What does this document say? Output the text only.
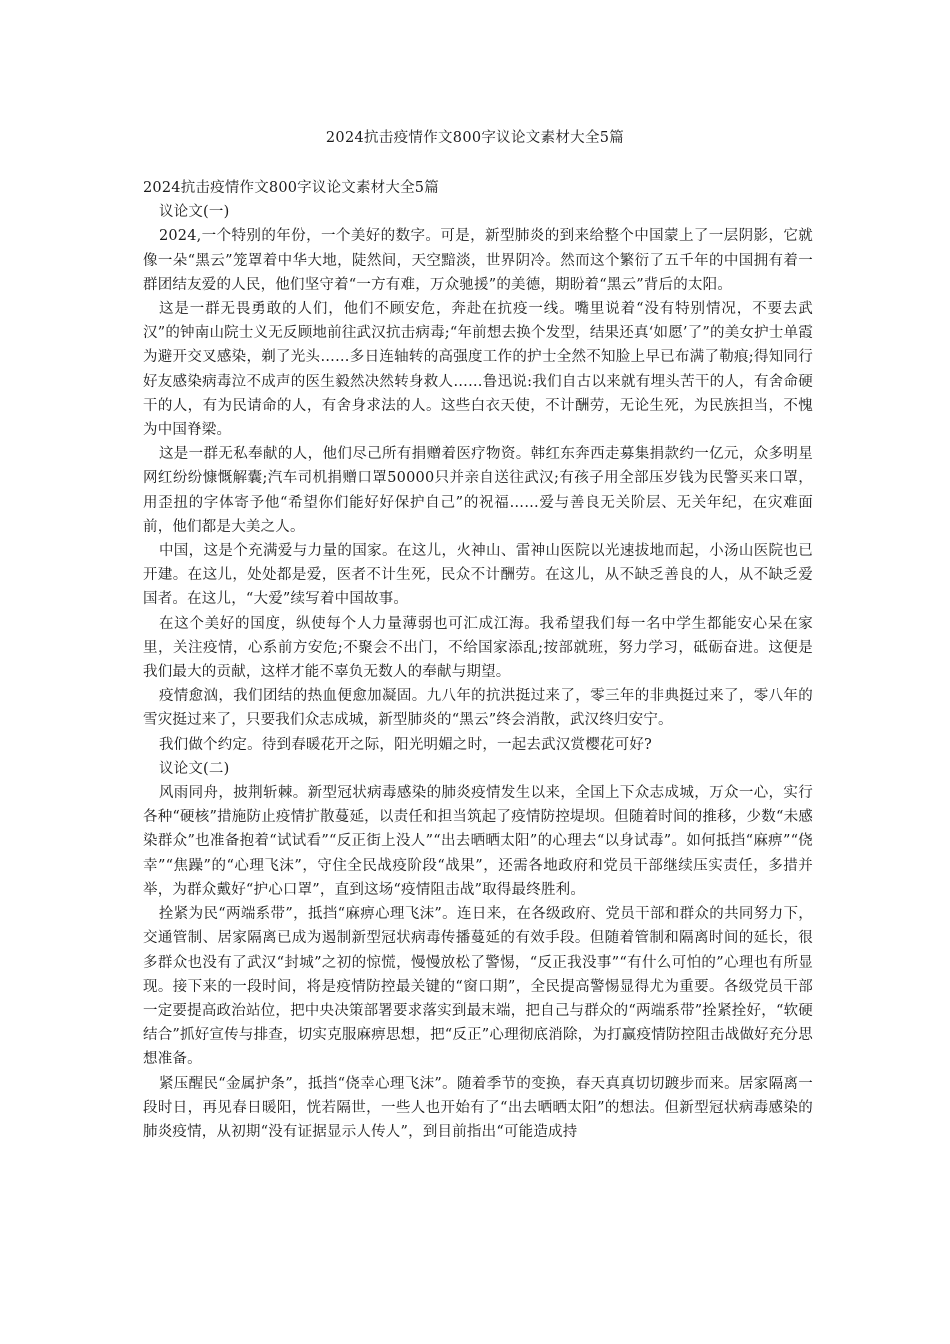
2024抗击疫情作文800字议论文素材大全5篇

2024抗击疫情作文800字议论文素材大全5篇

议论文(一)

2024,一个特别的年份，一个美好的数字。可是，新型肺炎的到来给整个中国蒙上了一层阴影，它就像一朵“黑云”笼罩着中华大地，陡然间，天空黯淡，世界阴冷。然而这个繁衍了五千年的中国拥有着一群团结友爱的人民，他们坚守着“一方有难，万众驰援”的美德，期盼着“黑云”背后的太阳。

这是一群无畏勇敢的人们，他们不顾安危，奔赴在抗疫一线。嘴里说着“没有特别情况，不要去武汉”的钟南山院士义无反顾地前往武汉抗击病毒;“年前想去换个发型，结果还真‘如愿’了”的美女护士单霞为避开交叉感染，剃了光头……多日连轴转的高强度工作的护士全然不知脸上早已布满了勒痕;得知同行好友感染病毒泣不成声的医生毅然决然转身救人……鲁迅说:我们自古以来就有埋头苦干的人，有舍命硬干的人，有为民请命的人，有舍身求法的人。这些白衣天使，不计酬劳，无论生死，为民族担当，不愧为中国脊梁。

这是一群无私奉献的人，他们尽己所有捐赠着医疗物资。韩红东奔西走募集捐款约一亿元，众多明星网红纷纷慷慨解囊;汽车司机捐赠口罩50000只并亲自送往武汉;有孩子用全部压岁钱为民警买来口罩，用歪扭的字体寄予他“希望你们能好好保护自己”的祝福……爱与善良无关阶层、无关年纪，在灾难面前，他们都是大美之人。

中国，这是个充满爱与力量的国家。在这儿，火神山、雷神山医院以光速拔地而起，小汤山医院也已开建。在这儿，处处都是爱，医者不计生死，民众不计酬劳。在这儿，从不缺乏善良的人，从不缺乏爱国者。在这儿，“大爱”续写着中国故事。

在这个美好的国度，纵使每个人力量薄弱也可汇成江海。我希望我们每一名中学生都能安心呆在家里，关注疫情，心系前方安危;不聚会不出门，不给国家添乱;按部就班，努力学习，砥砺奋进。这便是我们最大的贡献，这样才能不辜负无数人的奉献与期望。

疫情愈汹，我们团结的热血便愈加凝固。九八年的抗洪挺过来了，零三年的非典挺过来了，零八年的雪灾挺过来了，只要我们众志成城，新型肺炎的“黑云”终会消散，武汉终归安宁。

我们做个约定。待到春暖花开之际，阳光明媚之时，一起去武汉赏樱花可好?

议论文(二)

风雨同舟，披荆斩棘。新型冠状病毒感染的肺炎疫情发生以来，全国上下众志成城，万众一心，实行各种“硬核”措施防止疫情扩散蔓延，以责任和担当筑起了疫情防控堤坝。但随着时间的推移，少数“未感染群众”也准备抱着“试试看”“反正街上没人”“出去晒晒太阳”的心理去“以身试毒”。如何抵挡“麻痹”“侥幸”“焦躁”的“心理飞沫”，守住全民战疫阶段“战果”，还需各地政府和党员干部继续压实责任，多措并举，为群众戴好“护心口罩”，直到这场“疫情阻击战”取得最终胜利。

拴紧为民“两端系带”，抵挡“麻痹心理飞沫”。连日来，在各级政府、党员干部和群众的共同努力下，交通管制、居家隔离已成为遏制新型冠状病毒传播蔓延的有效手段。但随着管制和隔离时间的延长，很多群众也没有了武汉“封城”之初的惊慌，慢慢放松了警惕，“反正我没事”“有什么可怕的”心理也有所显现。接下来的一段时间，将是疫情防控最关键的“窗口期”，全民提高警惕显得尤为重要。各级党员干部一定要提高政治站位，把中央决策部署要求落实到最末端，把自己与群众的“两端系带”拴紧拴好，“软硬结合”抓好宣传与排查，切实克服麻痹思想，把“反正”心理彻底消除，为打赢疫情防控阻击战做好充分思想准备。

紧压醒民“金属护条”，抵挡“侥幸心理飞沫”。随着季节的变换，春天真真切切踱步而来。居家隔离一段时日，再见春日暖阳，恍若隔世，一些人也开始有了“出去晒晒太阳”的想法。但新型冠状病毒感染的肺炎疫情，从初期“没有证据显示人传人”，到目前指出“可能造成持
